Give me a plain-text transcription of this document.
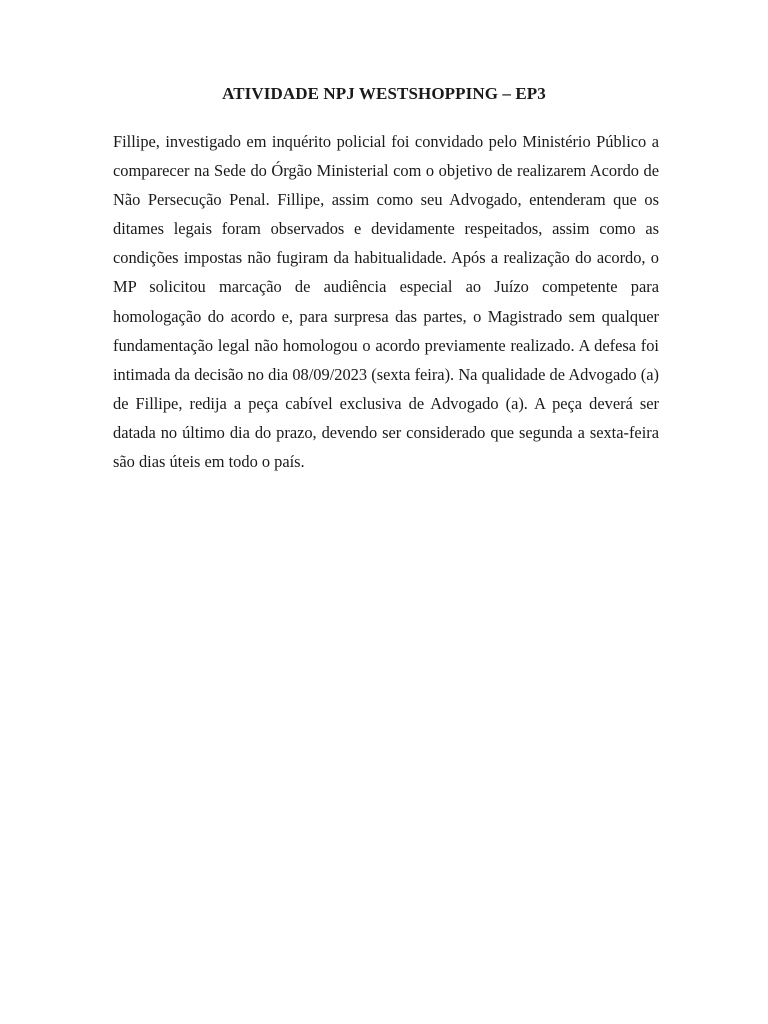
ATIVIDADE NPJ WESTSHOPPING – EP3

Fillipe, investigado em inquérito policial foi convidado pelo Ministério Público a comparecer na Sede do Órgão Ministerial com o objetivo de realizarem Acordo de Não Persecução Penal. Fillipe, assim como seu Advogado, entenderam que os ditames legais foram observados e devidamente respeitados, assim como as condições impostas não fugiram da habitualidade. Após a realização do acordo, o MP solicitou marcação de audiência especial ao Juízo competente para homologação do acordo e, para surpresa das partes, o Magistrado sem qualquer fundamentação legal não homologou o acordo previamente realizado. A defesa foi intimada da decisão no dia 08/09/2023 (sexta feira). Na qualidade de Advogado (a) de Fillipe, redija a peça cabível exclusiva de Advogado (a). A peça deverá ser datada no último dia do prazo, devendo ser considerado que segunda a sexta-feira são dias úteis em todo o país.
